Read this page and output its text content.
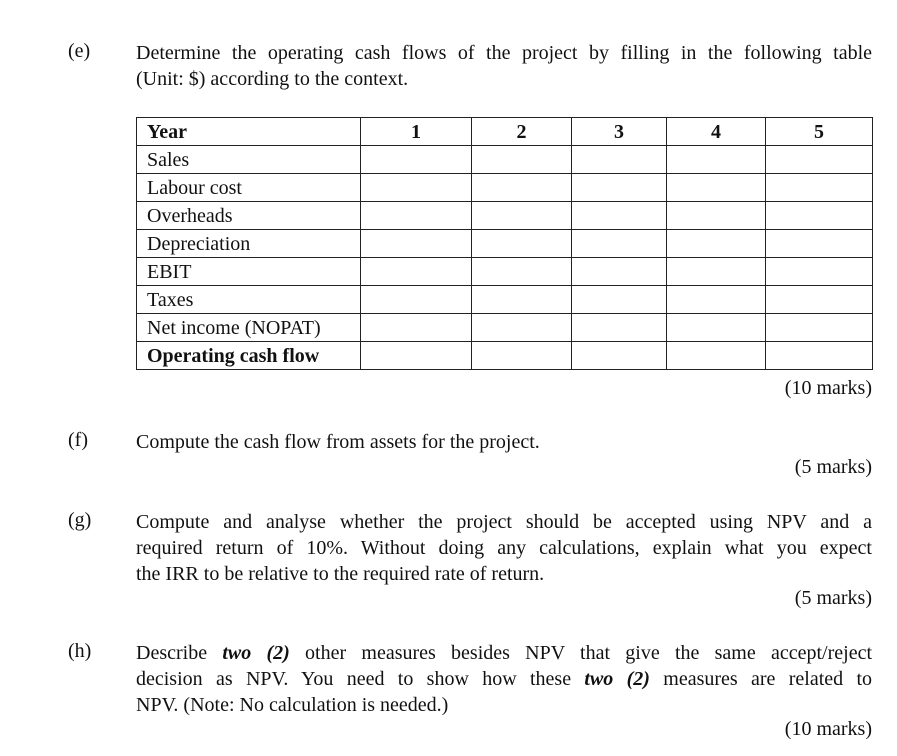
(e) Determine the operating cash flows of the project by filling in the following table
(Unit: $) according to the context.
Year	1	2	3	4	5
Sales					
Labour cost					
Overheads					
Depreciation					
EBIT					
Taxes					
Net income (NOPAT)					
Operating cash flow					
(10 marks)
(f) Compute the cash flow from assets for the project.
(5 marks)
(g) Compute and analyse whether the project should be accepted using NPV and a
required return of 10%. Without doing any calculations, explain what you expect
the IRR to be relative to the required rate of return.
(5 marks)
(h) Describe two (2) other measures besides NPV that give the same accept/reject
decision as NPV. You need to show how these two (2) measures are related to
NPV. (Note: No calculation is needed.)
(10 marks)
